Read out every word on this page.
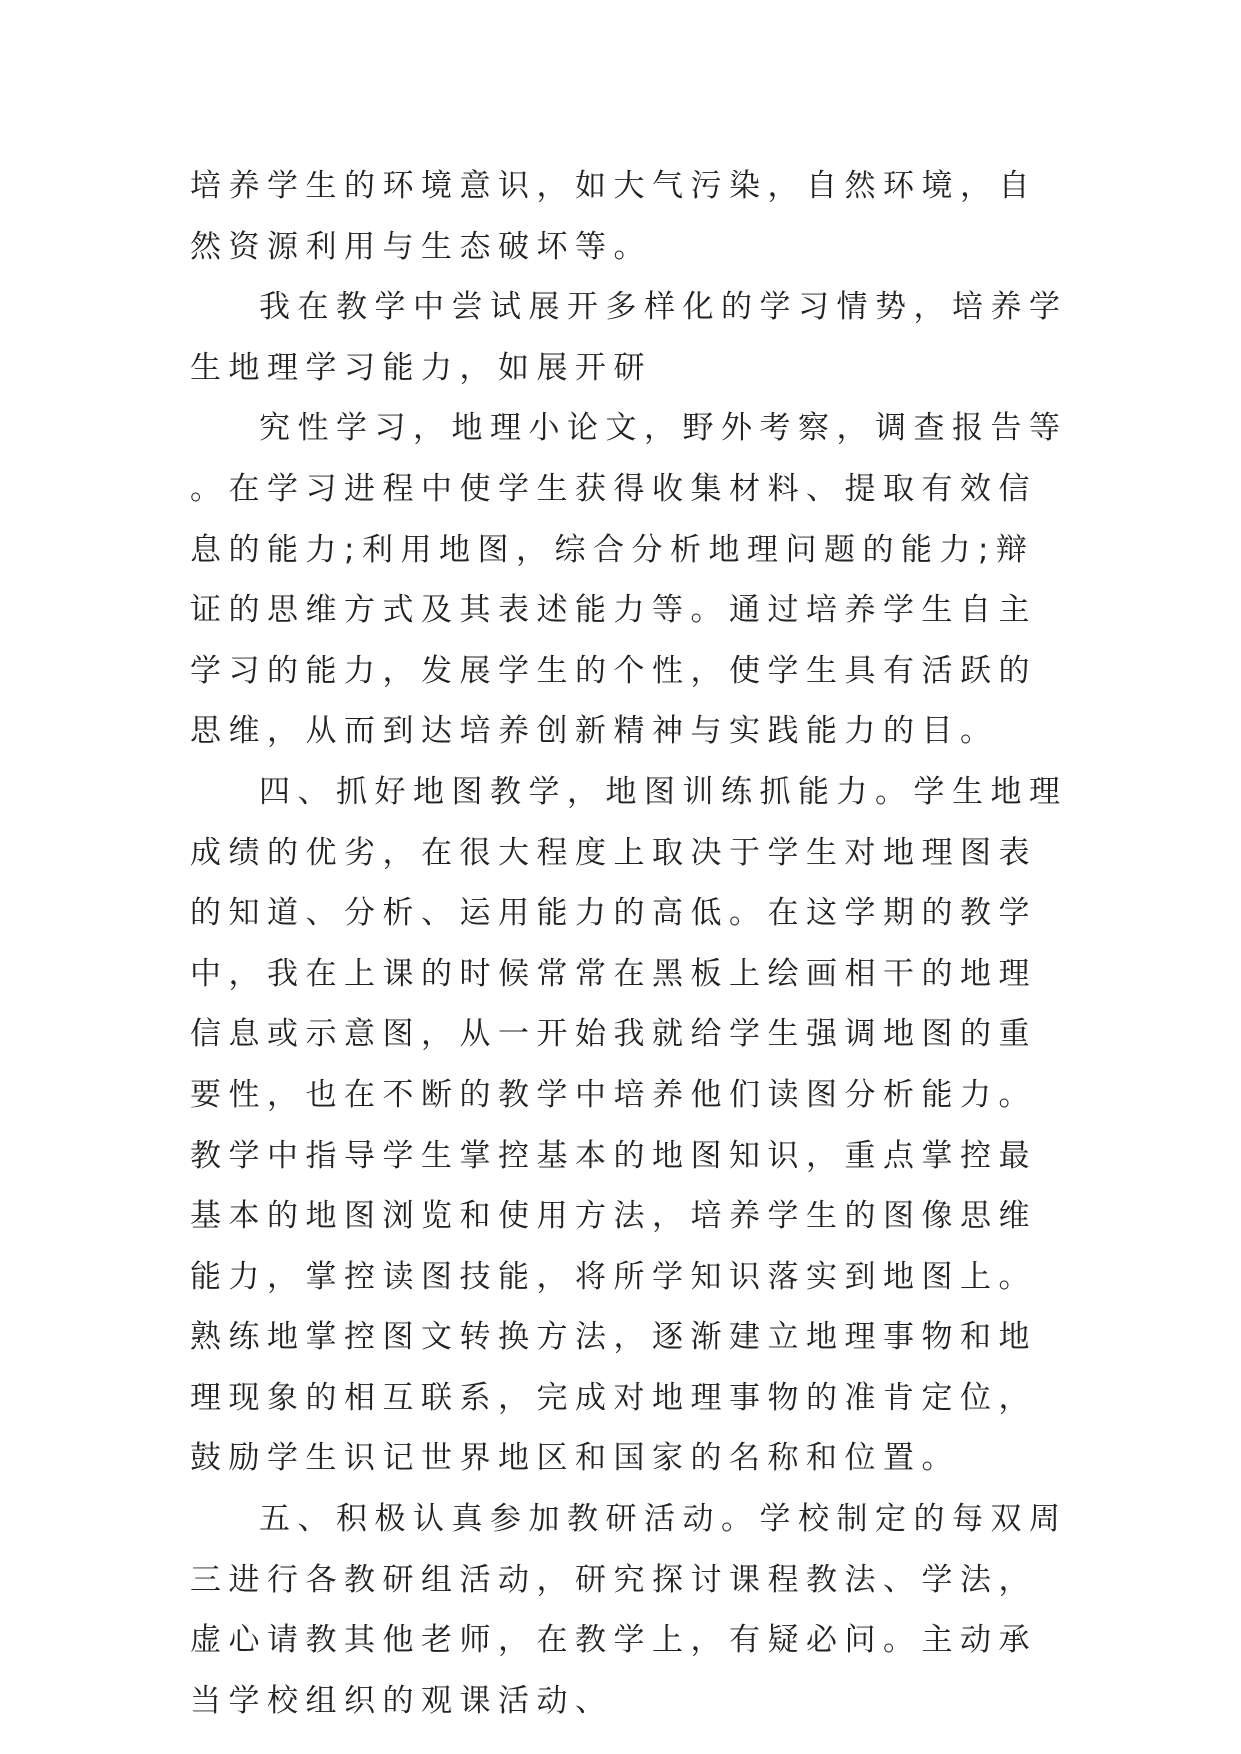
培养学生的环境意识，如大气污染，自然环境，自然资源利用与生态破坏等。

我在教学中尝试展开多样化的学习情势，培养学生地理学习能力，如展开研

究性学习，地理小论文，野外考察，调查报告等。在学习进程中使学生获得收集材料、提取有效信息的能力;利用地图，综合分析地理问题的能力;辩证的思维方式及其表述能力等。通过培养学生自主学习的能力，发展学生的个性，使学生具有活跃的思维，从而到达培养创新精神与实践能力的目。

四、抓好地图教学，地图训练抓能力。学生地理成绩的优劣，在很大程度上取决于学生对地理图表的知道、分析、运用能力的高低。在这学期的教学中，我在上课的时候常常在黑板上绘画相干的地理信息或示意图，从一开始我就给学生强调地图的重要性，也在不断的教学中培养他们读图分析能力。教学中指导学生掌控基本的地图知识，重点掌控最基本的地图浏览和使用方法，培养学生的图像思维能力，掌控读图技能，将所学知识落实到地图上。熟练地掌控图文转换方法，逐渐建立地理事物和地理现象的相互联系，完成对地理事物的准肯定位，鼓励学生识记世界地区和国家的名称和位置。

五、积极认真参加教研活动。学校制定的每双周三进行各教研组活动，研究探讨课程教法、学法，虚心请教其他老师，在教学上，有疑必问。主动承当学校组织的观课活动、
